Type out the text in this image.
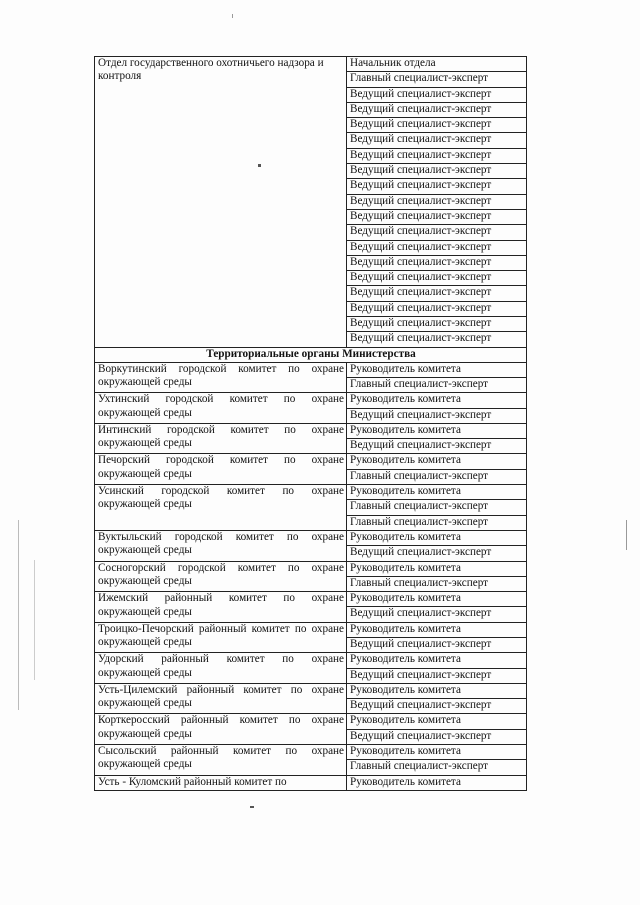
Отдел государственного охотничьего надзора и контроля	Начальник отдела
	Главный специалист-эксперт
	Ведущий специалист-эксперт
	Ведущий специалист-эксперт
	Ведущий специалист-эксперт
	Ведущий специалист-эксперт
	Ведущий специалист-эксперт
	Ведущий специалист-эксперт
	Ведущий специалист-эксперт
	Ведущий специалист-эксперт
	Ведущий специалист-эксперт
	Ведущий специалист-эксперт
	Ведущий специалист-эксперт
	Ведущий специалист-эксперт
	Ведущий специалист-эксперт
	Ведущий специалист-эксперт
	Ведущий специалист-эксперт
	Ведущий специалист-эксперт
	Ведущий специалист-эксперт
Территориальные органы Министерства	
Воркутинский городской комитет по охране окружающей среды	Руководитель комитета
	Главный специалист-эксперт
Ухтинский городской комитет по охране окружающей среды	Руководитель комитета
	Ведущий специалист-эксперт
Интинский городской комитет по охране окружающей среды	Руководитель комитета
	Ведущий специалист-эксперт
Печорский городской комитет по охране окружающей среды	Руководитель комитета
	Главный специалист-эксперт
Усинский городской комитет по охране окружающей среды	Руководитель комитета
	Главный специалист-эксперт
	Главный специалист-эксперт
Вуктыльский городской комитет по охране окружающей среды	Руководитель комитета
	Ведущий специалист-эксперт
Сосногорский городской комитет по охране окружающей среды	Руководитель комитета
	Главный специалист-эксперт
Ижемский районный комитет по охране окружающей среды	Руководитель комитета
	Ведущий специалист-эксперт
Троицко-Печорский районный комитет по охране окружающей среды	Руководитель комитета
	Ведущий специалист-эксперт
Удорский районный комитет по охране окружающей среды	Руководитель комитета
	Ведущий специалист-эксперт
Усть-Цилемский районный комитет по охране окружающей среды	Руководитель комитета
	Ведущий специалист-эксперт
Корткеросский районный комитет по охране окружающей среды	Руководитель комитета
	Ведущий специалист-эксперт
Сысольский районный комитет по охране окружающей среды	Руководитель комитета
	Главный специалист-эксперт
Усть - Куломский районный комитет по	Руководитель комитета
